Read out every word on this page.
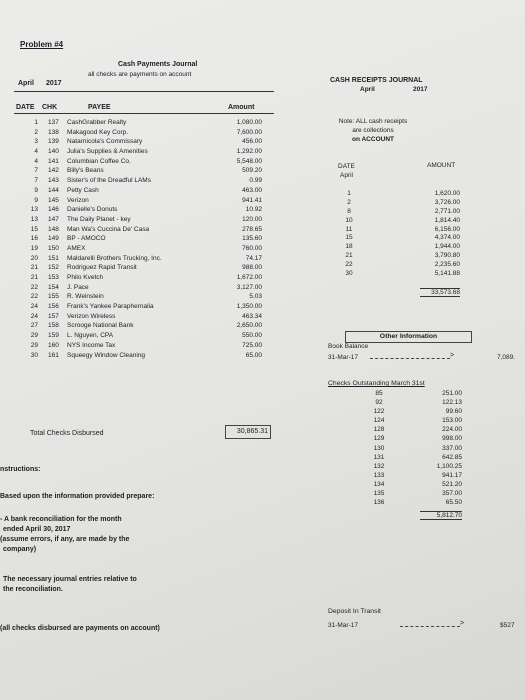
Problem #4
Cash Payments Journal
all checks are payments on account
April 2017
DATE CHK	PAYEE	Amount
1 137 CashGrabber Realty	1,080.00
2 138 Makagood Key Corp.	7,600.00
3 139 Natarnicola's Commissary	456.00
4 140 Julia's Supplies & Amenities	1,292.00
4 141 Columbian Coffee Co.	5,548.00
7 142 Billy's Beans	509.20
7 143 Sister's of the Dreadful LAMs	0.99
9 144 Petty Cash	463.00
9 145 Verizon	941.41
13 146 Danielle's Donuts	10.92
13 147 The Daily Planet - key	120.00
15 148 Man Wa's Cuccina De' Casa	278.65
16 149 BP - AMOCO	135.60
19 150 AMEX	760.00
20 151 Maldarelli Brothers Trucking, Inc.	74.17
21 152 Rodriguez Rapid Transit	988.00
21 153 Philo Kvetch	1,672.00
22 154 J. Pace	3,127.00
22 155 R. Weinstein	5.03
24 156 Frank's Yankee Paraphernalia	1,350.00
24 157 Verizon Wireless	463.34
27 158 Scrooge National Bank	2,650.00
29 159 L. Nguyen, CPA	550.00
29 160 NYS Income Tax	725.00
30 161 Squeegy Window Cleaning	65.00
Total Checks Disbursed	30,865.31
nstructions:
Based upon the information provided prepare:
- A bank reconciliation for the month
ended April 30, 2017
(assume errors, if any, are made by the
company)
The necessary journal entries relative to
the reconciliation.
(all checks disbursed are payments on account)
CASH RECEIPTS JOURNAL
April	2017
Note: ALL cash receipts
are collections
on ACCOUNT
DATE
April
AMOUNT
1	1,620.00
2	3,726.00
8	2,771.00
10	1,814.40
11	6,156.00
15	4,374.00
18	1,944.00
21	3,790.80
22	2,235.60
30	5,141.88
33,573.68
Other Information
Book Balance
31-Mar-17	>	7,089.
Checks Outstanding March 31st
85	251.00
92	122.13
122	99.60
124	153.00
128	224.00
129	998.00
130	337.00
131	642.85
132	1,100.25
133	941.17
134	521.20
135	357.00
136	65.50
5,812.70
Deposit In Transit
31-Mar-17	>	$527
